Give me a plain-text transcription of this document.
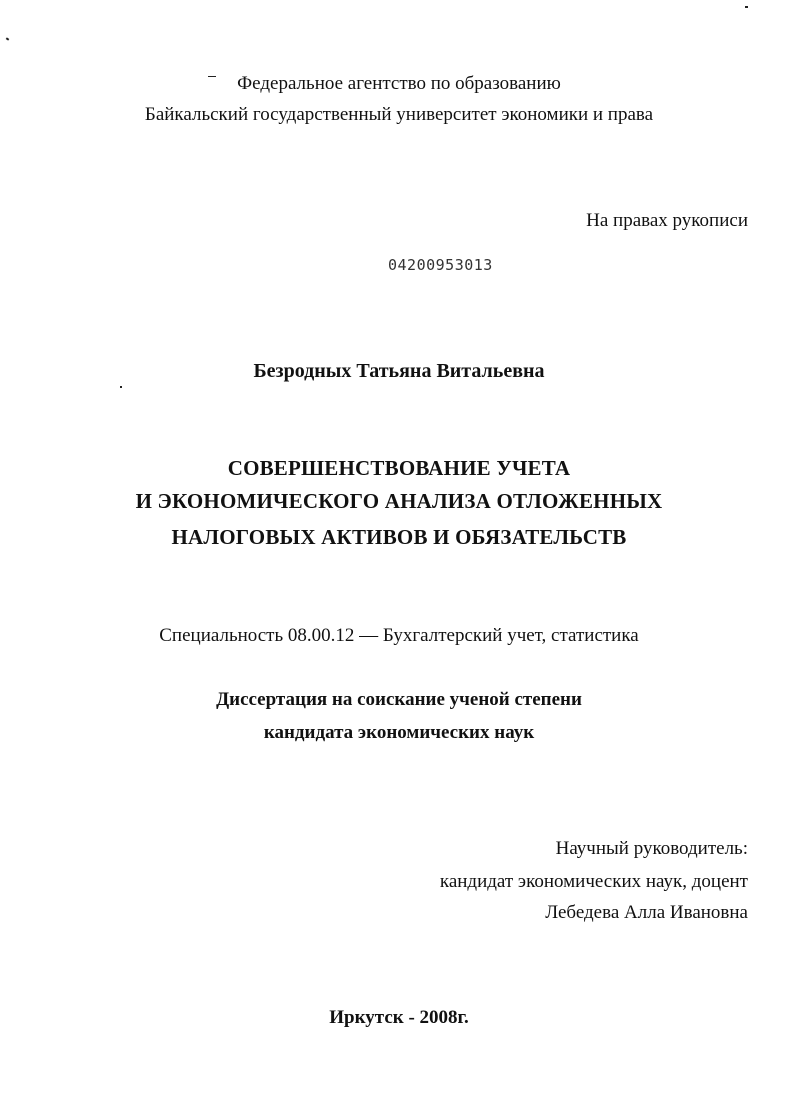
Федеральное агентство по образованию
Байкальский государственный университет экономики и права
На правах рукописи
04200953013
Безродных Татьяна Витальевна
СОВЕРШЕНСТВОВАНИЕ УЧЕТА
И ЭКОНОМИЧЕСКОГО АНАЛИЗА ОТЛОЖЕННЫХ
НАЛОГОВЫХ АКТИВОВ И ОБЯЗАТЕЛЬСТВ
Специальность 08.00.12 — Бухгалтерский учет, статистика
Диссертация на соискание ученой степени
кандидата экономических наук
Научный руководитель:
кандидат экономических наук, доцент
Лебедева Алла Ивановна
Иркутск - 2008г.
